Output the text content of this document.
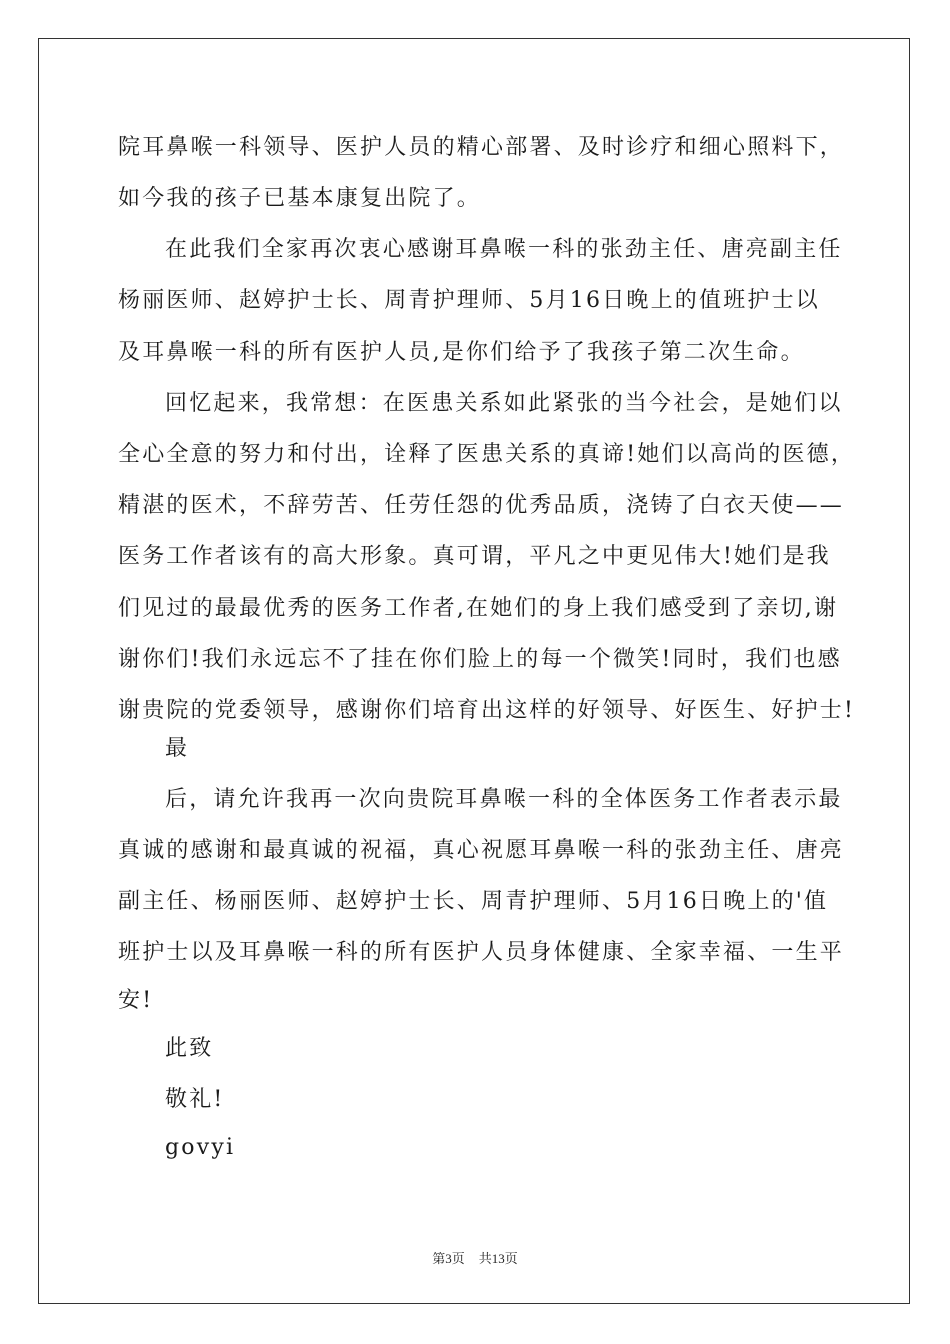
院耳鼻喉一科领导、医护人员的精心部署、及时诊疗和细心照料下，
如今我的孩子已基本康复出院了。
在此我们全家再次衷心感谢耳鼻喉一科的张劲主任、唐亮副主任
杨丽医师、赵婷护士长、周青护理师、5月16日晚上的值班护士以
及耳鼻喉一科的所有医护人员,是你们给予了我孩子第二次生命。
回忆起来，我常想：在医患关系如此紧张的当今社会，是她们以
全心全意的努力和付出，诠释了医患关系的真谛!她们以高尚的医德，
精湛的医术，不辞劳苦、任劳任怨的优秀品质，浇铸了白衣天使——
医务工作者该有的高大形象。真可谓，平凡之中更见伟大!她们是我
们见过的最最优秀的医务工作者,在她们的身上我们感受到了亲切,谢
谢你们!我们永远忘不了挂在你们脸上的每一个微笑!同时，我们也感
谢贵院的党委领导，感谢你们培育出这样的好领导、好医生、好护士!
最
后，请允许我再一次向贵院耳鼻喉一科的全体医务工作者表示最
真诚的感谢和最真诚的祝福，真心祝愿耳鼻喉一科的张劲主任、唐亮
副主任、杨丽医师、赵婷护士长、周青护理师、5月16日晚上的'值
班护士以及耳鼻喉一科的所有医护人员身体健康、全家幸福、一生平
安!
此致
敬礼!
govyi
第3页 共13页
